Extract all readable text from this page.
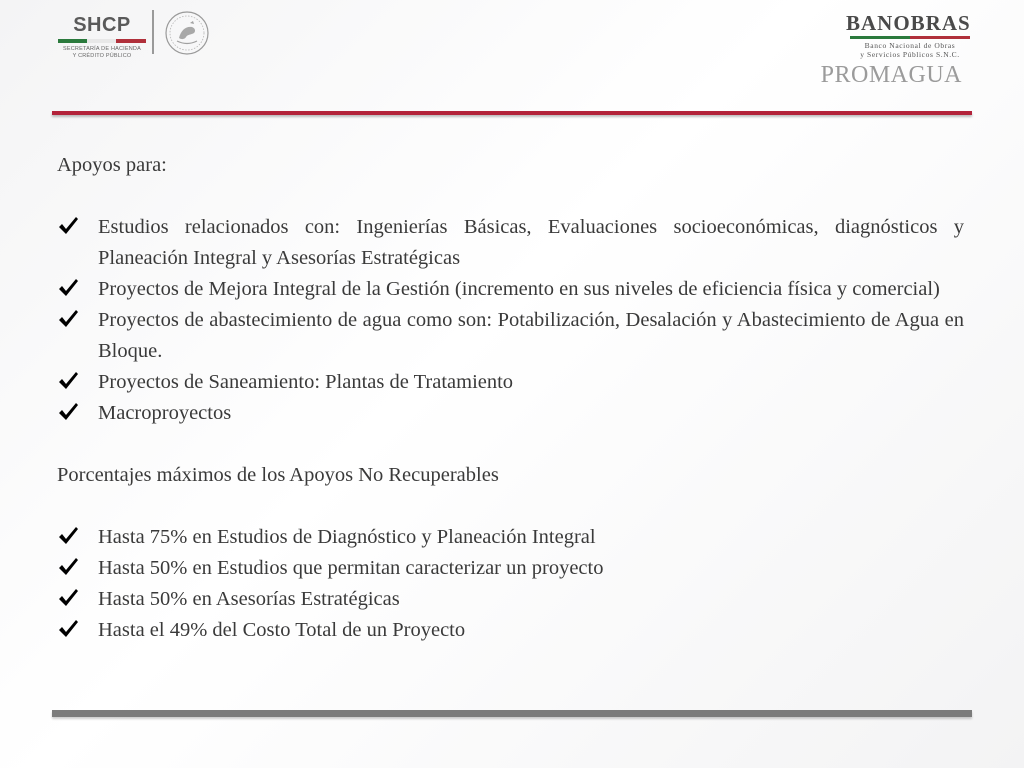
SHCP
SECRETARÍA DE HACIENDA
Y CRÉDITO PÚBLICO
BANOBRAS
Banco Nacional de Obras
y Servicios Públicos S.N.C.
PROMAGUA
Apoyos para:
Estudios relacionados con: Ingenierías Básicas, Evaluaciones socioeconómicas, diagnósticos y Planeación Integral y Asesorías Estratégicas
Proyectos de Mejora Integral de la Gestión (incremento en sus niveles de eficiencia física y comercial)
Proyectos de abastecimiento de agua como son: Potabilización, Desalación y Abastecimiento de Agua en Bloque.
Proyectos de Saneamiento: Plantas de Tratamiento
Macroproyectos
Porcentajes máximos de los Apoyos No Recuperables
Hasta 75% en Estudios de Diagnóstico y Planeación Integral
Hasta 50% en Estudios que permitan caracterizar un proyecto
Hasta 50% en Asesorías Estratégicas
Hasta el 49% del Costo Total de un Proyecto
